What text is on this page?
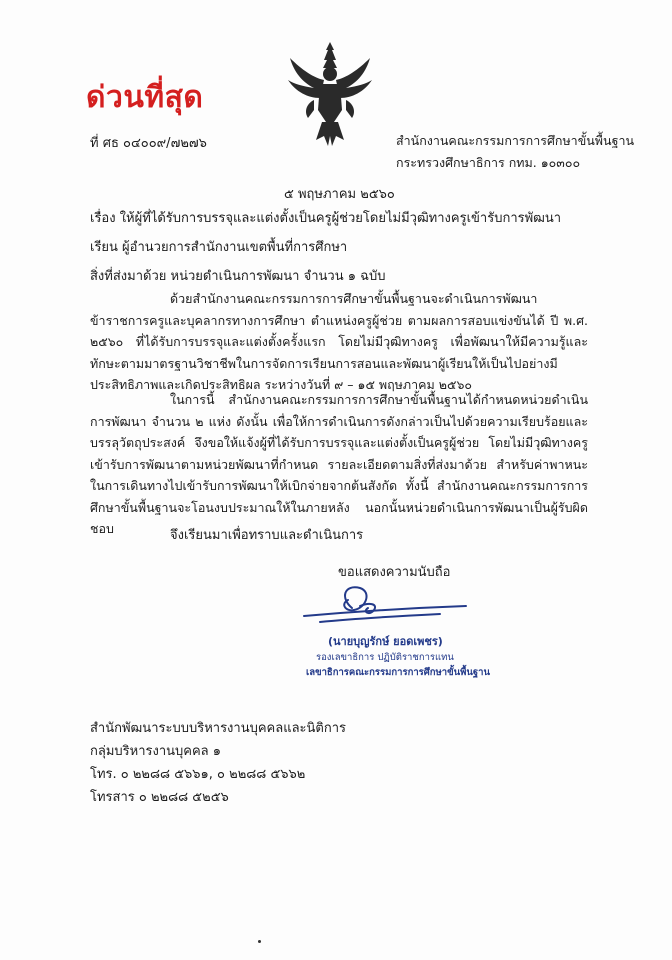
ด่วนที่สุด
ที่ ศธ ๐๔๐๐๙/๗๒๗๖	สำนักงานคณะกรรมการการศึกษาขั้นพื้นฐาน
กระทรวงศึกษาธิการ กทม. ๑๐๓๐๐
๕ พฤษภาคม ๒๕๖๐
เรื่อง ให้ผู้ที่ได้รับการบรรจุและแต่งตั้งเป็นครูผู้ช่วยโดยไม่มีวุฒิทางครูเข้ารับการพัฒนา
เรียน ผู้อำนวยการสำนักงานเขตพื้นที่การศึกษา
สิ่งที่ส่งมาด้วย หน่วยดำเนินการพัฒนา จำนวน ๑ ฉบับ
ด้วยสำนักงานคณะกรรมการการศึกษาขั้นพื้นฐานจะดำเนินการพัฒนาข้าราชการครูและบุคลากรทางการศึกษา ตำแหน่งครูผู้ช่วย ตามผลการสอบแข่งขันได้ ปี พ.ศ. ๒๕๖๐ ที่ได้รับการบรรจุและแต่งตั้งครั้งแรก โดยไม่มีวุฒิทางครู เพื่อพัฒนาให้มีความรู้และทักษะตามมาตรฐานวิชาชีพในการจัดการเรียนการสอนและพัฒนาผู้เรียนให้เป็นไปอย่างมีประสิทธิภาพและเกิดประสิทธิผล ระหว่างวันที่ ๙ – ๑๕ พฤษภาคม ๒๕๖๐
ในการนี้ สำนักงานคณะกรรมการการศึกษาขั้นพื้นฐานได้กำหนดหน่วยดำเนินการพัฒนา จำนวน ๒ แห่ง ดังนั้น เพื่อให้การดำเนินการดังกล่าวเป็นไปด้วยความเรียบร้อยและบรรลุวัตถุประสงค์ จึงขอให้แจ้งผู้ที่ได้รับการบรรจุและแต่งตั้งเป็นครูผู้ช่วย โดยไม่มีวุฒิทางครู เข้ารับการพัฒนาตามหน่วยพัฒนาที่กำหนด รายละเอียดตามสิ่งที่ส่งมาด้วย สำหรับค่าพาหนะในการเดินทางไปเข้ารับการพัฒนาให้เบิกจ่ายจากต้นสังกัด ทั้งนี้ สำนักงานคณะกรรมการการศึกษาขั้นพื้นฐานจะโอนงบประมาณให้ในภายหลัง นอกนั้นหน่วยดำเนินการพัฒนาเป็นผู้รับผิดชอบ	จึงเรียนมาเพื่อทราบและดำเนินการ
ขอแสดงความนับถือ
(นายบุญรักษ์ ยอดเพชร)
รองเลขาธิการ ปฏิบัติราชการแทน
เลขาธิการคณะกรรมการการศึกษาขั้นพื้นฐาน
สำนักพัฒนาระบบบริหารงานบุคคลและนิติการ
กลุ่มบริหารงานบุคคล ๑
โทร. ๐ ๒๒๘๘ ๕๖๖๑, ๐ ๒๒๘๘ ๕๖๖๒
โทรสาร ๐ ๒๒๘๘ ๕๒๕๖
